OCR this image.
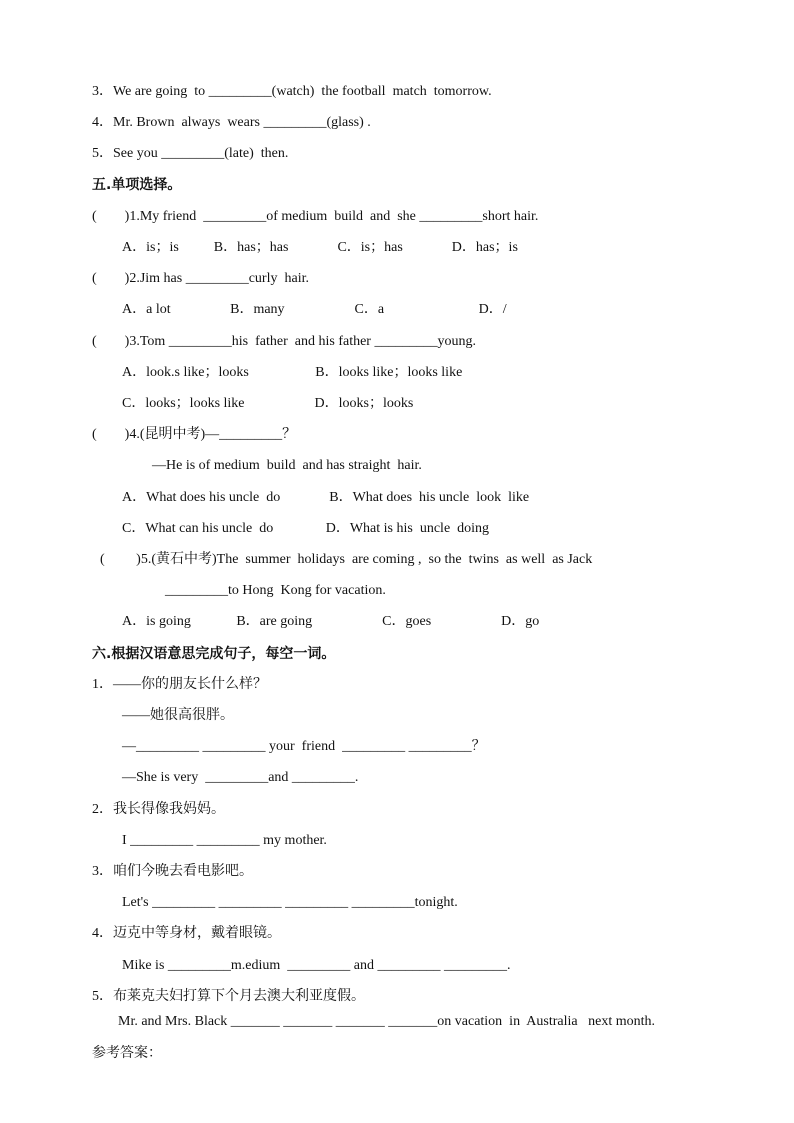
3．We are going  to _________(watch)  the football  match  tomorrow.
4．Mr. Brown  always  wears _________(glass) .
5．See you _________(late)  then.
五.单项选择。
(        )1.My friend  _________of medium  build  and  she _________short hair.
A．is；is          B．has；has              C．is；has              D．has；is
(        )2.Jim has _________curly  hair.
A．a lot                 B．many                    C．a                           D．/
(        )3.Tom _________his  father  and his father _________young.
A．look.s like；looks                   B．looks like；looks like
C．looks；looks like                    D．looks；looks
(        )4.(昆明中考)—_________？
—He is of medium  build  and has straight  hair.
A．What does his uncle  do              B．What does  his uncle  look  like
C．What can his uncle  do               D．What is his  uncle  doing
(         )5.(黄石中考)The  summer  holidays  are coming ,  so the  twins  as well  as Jack
_________to Hong  Kong for vacation.
A．is going             B．are going                    C．goes                    D．go
六.根据汉语意思完成句子，每空一词。
1．——你的朋友长什么样？
——她很高很胖。
—_________ _________ your  friend  _________ _________？
—She is very  _________and _________.
2．我长得像我妈妈。
I _________ _________ my mother.
3．咱们今晚去看电影吧。
Let's _________ _________ _________ _________tonight.
4．迈克中等身材，戴着眼镜。
Mike is _________m.edium  _________ and _________ _________.
5．布莱克夫妇打算下个月去澳大利亚度假。
Mr. and Mrs. Black _______ _______ _______ _______on vacation  in  Australia   next month.
参考答案：
